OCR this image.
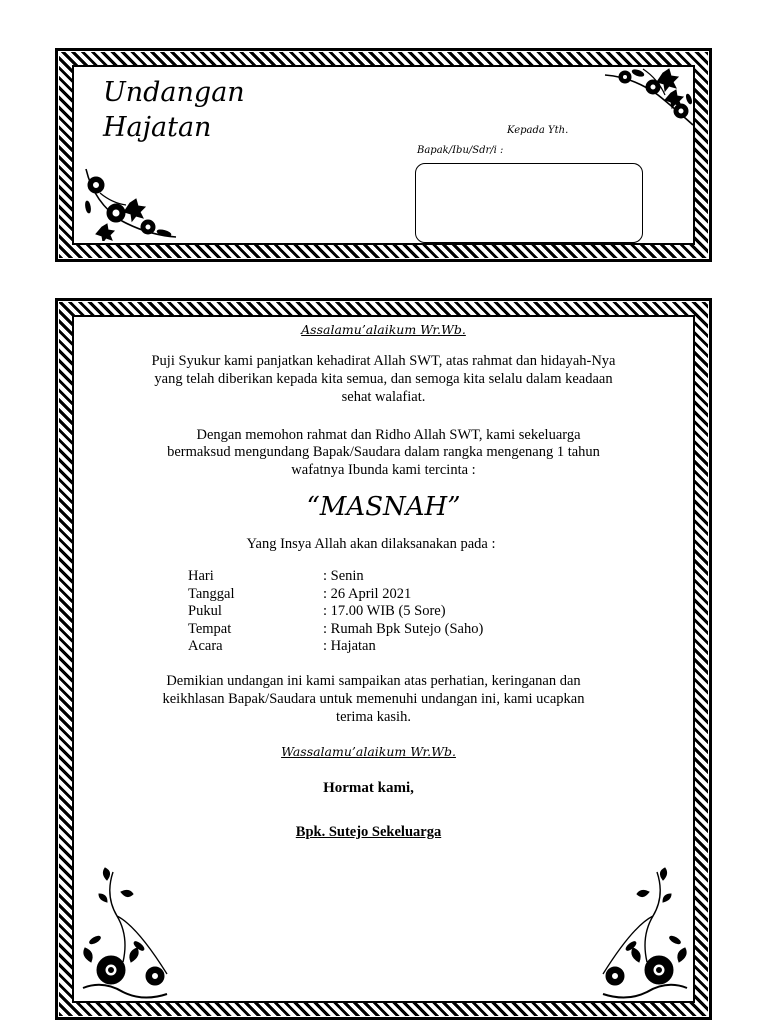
Undangan
Hajatan	Kepada Yth.
Bapak/Ibu/Sdr/i :
Assalamu’alaikum Wr.Wb.
Puji Syukur kami panjatkan kehadirat Allah SWT, atas rahmat dan hidayah-Nya
yang telah diberikan kepada kita semua, dan semoga kita selalu dalam keadaan
sehat walafiat.
Dengan memohon rahmat dan Ridho Allah SWT, kami sekeluarga
bermaksud mengundang Bapak/Saudara dalam rangka mengenang 1 tahun
wafatnya Ibunda kami tercinta :
“MASNAH”
Yang Insya Allah akan dilaksanakan pada :
Hari	: Senin
Tanggal	: 26 April 2021
Pukul	: 17.00 WIB (5 Sore)
Tempat	: Rumah Bpk Sutejo (Saho)
Acara	: Hajatan
Demikian undangan ini kami sampaikan atas perhatian, keringanan dan
keikhlasan Bapak/Saudara untuk memenuhi undangan ini, kami ucapkan
terima kasih.
Wassalamu’alaikum Wr.Wb.
Hormat kami,
Bpk. Sutejo Sekeluarga
